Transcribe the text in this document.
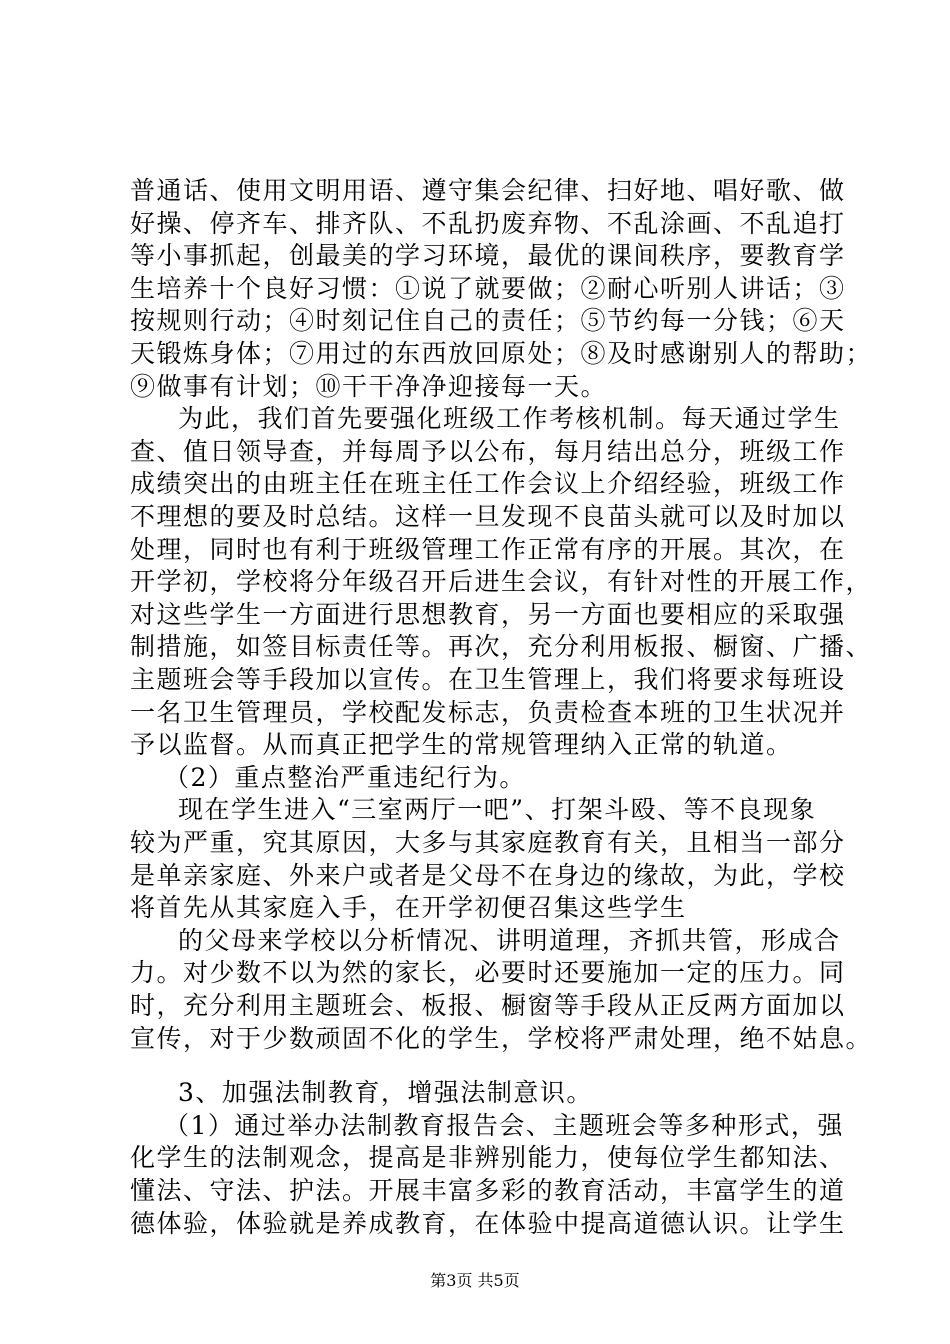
普通话、使用文明用语、遵守集会纪律、扫好地、唱好歌、做
好操、停齐车、排齐队、不乱扔废弃物、不乱涂画、不乱追打
等小事抓起，创最美的学习环境，最优的课间秩序，要教育学
生培养十个良好习惯：①说了就要做；②耐心听别人讲话；③
按规则行动；④时刻记住自己的责任；⑤节约每一分钱；⑥天
天锻炼身体；⑦用过的东西放回原处；⑧及时感谢别人的帮助；
⑨做事有计划；⑩干干净净迎接每一天。
为此，我们首先要强化班级工作考核机制。每天通过学生
查、值日领导查，并每周予以公布，每月结出总分，班级工作
成绩突出的由班主任在班主任工作会议上介绍经验，班级工作
不理想的要及时总结。这样一旦发现不良苗头就可以及时加以
处理，同时也有利于班级管理工作正常有序的开展。其次，在
开学初，学校将分年级召开后进生会议，有针对性的开展工作，
对这些学生一方面进行思想教育，另一方面也要相应的采取强
制措施，如签目标责任等。再次，充分利用板报、橱窗、广播、
主题班会等手段加以宣传。在卫生管理上，我们将要求每班设
一名卫生管理员，学校配发标志，负责检查本班的卫生状况并
予以监督。从而真正把学生的常规管理纳入正常的轨道。
（2）重点整治严重违纪行为。
现在学生进入“三室两厅一吧”、打架斗殴、等不良现象
较为严重，究其原因，大多与其家庭教育有关，且相当一部分
是单亲家庭、外来户或者是父母不在身边的缘故，为此，学校
将首先从其家庭入手，在开学初便召集这些学生
的父母来学校以分析情况、讲明道理，齐抓共管，形成合
力。对少数不以为然的家长，必要时还要施加一定的压力。同
时，充分利用主题班会、板报、橱窗等手段从正反两方面加以
宣传，对于少数顽固不化的学生，学校将严肃处理，绝不姑息。
3、加强法制教育，增强法制意识。
（1）通过举办法制教育报告会、主题班会等多种形式，强
化学生的法制观念，提高是非辨别能力，使每位学生都知法、
懂法、守法、护法。开展丰富多彩的教育活动，丰富学生的道
德体验，体验就是养成教育，在体验中提高道德认识。让学生
第3页 共5页
